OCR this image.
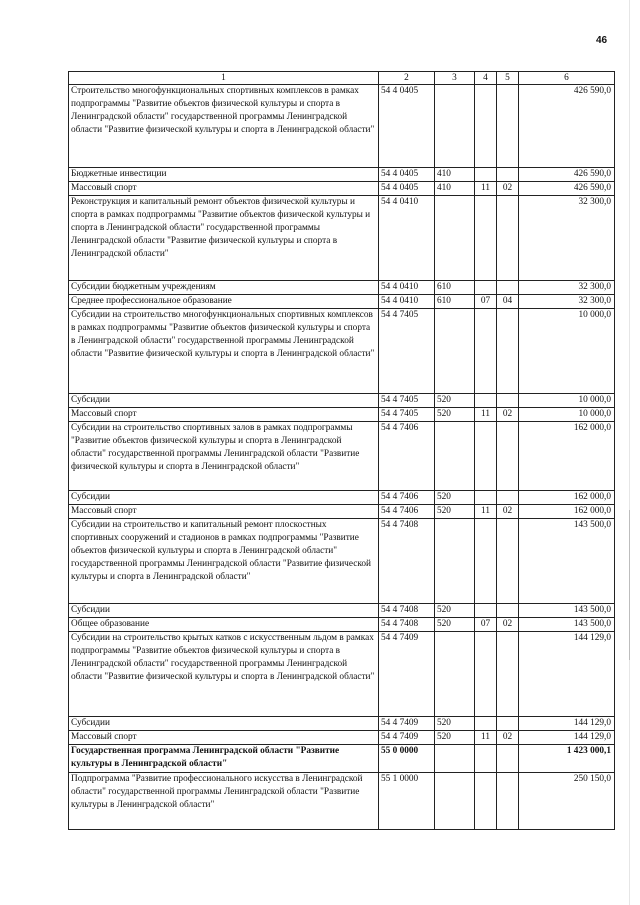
46
1	2	3	4	5	6
Строительство многофункциональных спортивных комплексов в рамках подпрограммы "Развитие объектов физической культуры и спорта в Ленинградской области" государственной программы Ленинградской области "Развитие физической культуры и спорта в Ленинградской области"	54 4 0405				426 590,0
Бюджетные инвестиции	54 4 0405	410			426 590,0
Массовый спорт	54 4 0405	410	11	02	426 590,0
Реконструкция и капитальный ремонт объектов физической культуры и спорта в рамках подпрограммы "Развитие объектов физической культуры и спорта в Ленинградской области" государственной программы Ленинградской области "Развитие физической культуры и спорта в Ленинградской области"	54 4 0410				32 300,0
Субсидии бюджетным учреждениям	54 4 0410	610			32 300,0
Среднее профессиональное образование	54 4 0410	610	07	04	32 300,0
Субсидии на строительство многофункциональных спортивных комплексов в рамках подпрограммы "Развитие объектов физической культуры и спорта в Ленинградской области" государственной программы Ленинградской области "Развитие физической культуры и спорта в Ленинградской области"	54 4 7405				10 000,0
Субсидии	54 4 7405	520			10 000,0
Массовый спорт	54 4 7405	520	11	02	10 000,0
Субсидии на строительство спортивных залов в рамках подпрограммы "Развитие объектов физической культуры и спорта в Ленинградской области" государственной программы Ленинградской области "Развитие физической культуры и спорта в Ленинградской области"	54 4 7406				162 000,0
Субсидии	54 4 7406	520			162 000,0
Массовый спорт	54 4 7406	520	11	02	162 000,0
Субсидии на строительство и капитальный ремонт плоскостных спортивных сооружений и стадионов в рамках подпрограммы "Развитие объектов физической культуры и спорта в Ленинградской области" государственной программы Ленинградской области "Развитие физической культуры и спорта в Ленинградской области"	54 4 7408				143 500,0
Субсидии	54 4 7408	520			143 500,0
Общее образование	54 4 7408	520	07	02	143 500,0
Субсидии на строительство крытых катков с искусственным льдом в рамках подпрограммы "Развитие объектов физической культуры и спорта в Ленинградской области" государственной программы Ленинградской области "Развитие физической культуры и спорта в Ленинградской области"	54 4 7409				144 129,0
Субсидии	54 4 7409	520			144 129,0
Массовый спорт	54 4 7409	520	11	02	144 129,0
Государственная программа Ленинградской области "Развитие культуры в Ленинградской области"	55 0 0000				1 423 000,1
Подпрограмма "Развитие профессионального искусства в Ленинградской области" государственной программы Ленинградской области "Развитие культуры в Ленинградской области"	55 1 0000				250 150,0
